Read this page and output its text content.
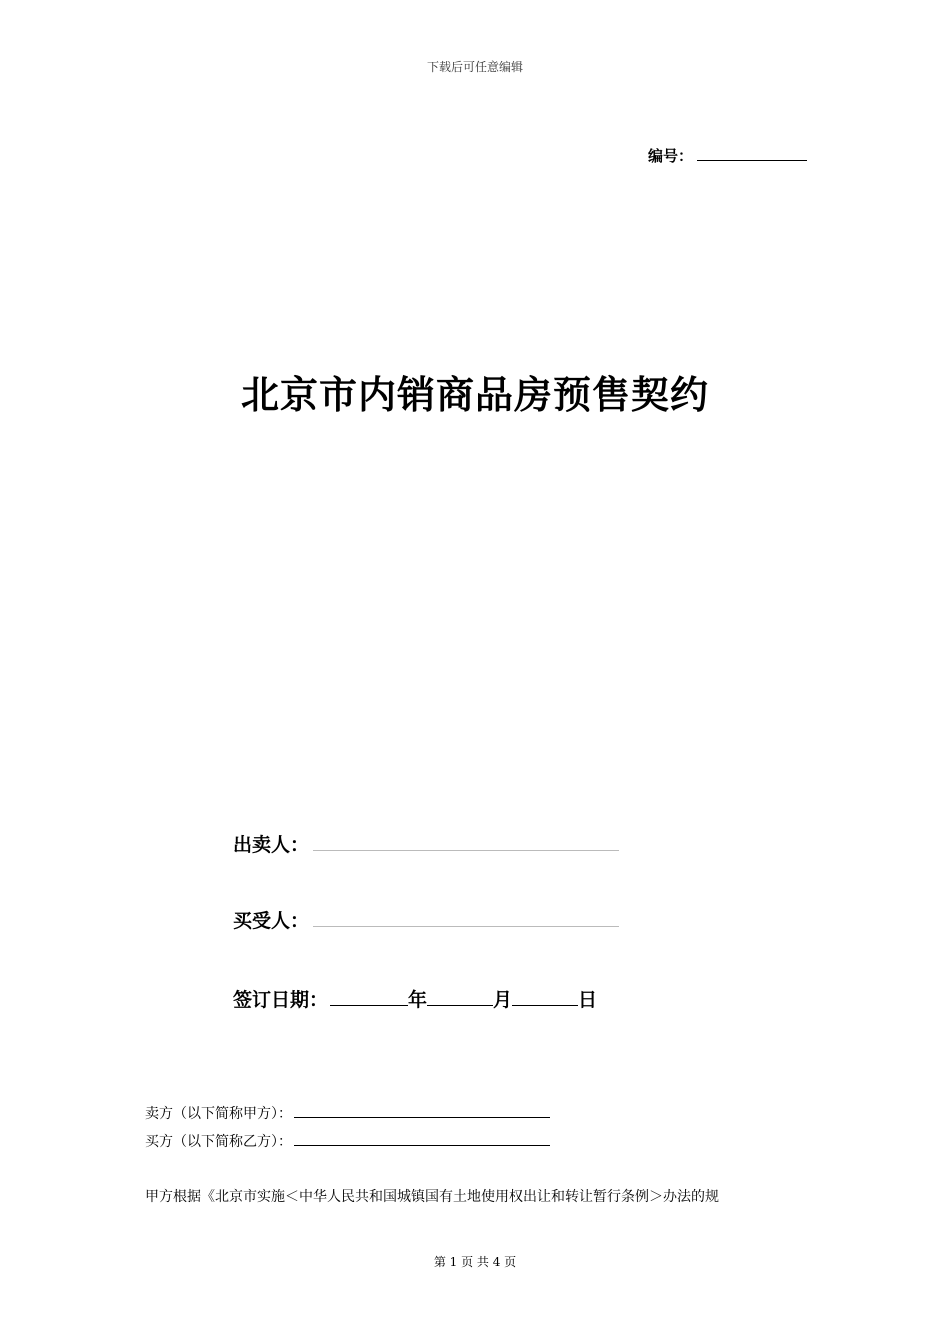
下载后可任意编辑
编号：
北京市内销商品房预售契约
出卖人：
买受人：
签订日期：	年	月	日
卖方（以下简称甲方）：
买方（以下简称乙方）：
甲方根据《北京市实施＜中华人民共和国城镇国有土地使用权出让和转让暂行条例＞办法的规
第 1 页 共 4 页
